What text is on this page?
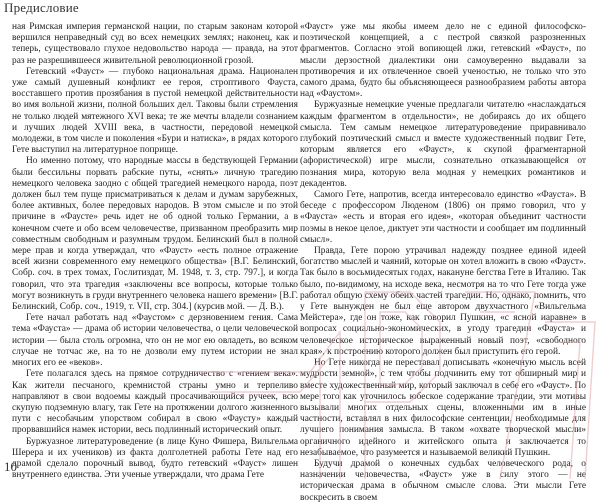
Предисловие

ная Римская империя германской нации, по старым законам которой вершился неправедный суд во всех немецких землях; наконец, как и теперь, существовало глухое недовольство народа — правда, на этот раз не разрешившееся живительной революционной грозой.

Гетевский «Фауст» — глубоко национальная драма. Национален уже самый душевный конфликт ее героя, строптивого Фауста, восставшего против прозябания в пустой немецкой действительности во имя вольной жизни, полной больших дел. Таковы были стремления не только людей мятежного XVI века; те же мечты владели сознанием и лучших людей XVIII века, в частности, передовой немецкой молодежи, в том числе и поколения «Бури и натиска», в рядах которого Гете выступил на литературное поприще.

Но именно потому, что народные массы в бедствующей Германии были бессильны порвать рабские путы, «снять» личную трагедию немецкого человека заодно с общей трагедией немецкого народа, поэт должен был тем пуще присматриваться к делам и думам зарубежных, более активных, более передовых народов. В этом смысле и по этой причине в «Фаусте» речь идет не об одной только Германии, а в конечном счете и обо всем человечестве, призванном преобразить мир совместным свободным и разумным трудом. Белинский был в полной мере прав и когда утверждал, что «Фауст» «есть полное отражение всей жизни современного ему немецкого общества» [В.Г. Белинский, Собр. соч. в трех томах, Гослитиздат, М. 1948, т. 3, стр. 797.], и когда говорил, что эта трагедия «заключены все вопросы, которые только могут возникнуть в груди внутреннего человека нашего времени» [В.Г. Белинский, Собр. соч., 1919, т. VII, стр. 304.] (курсив мой. — Д. В.).

Гете начал работать над «Фаустом» с дерзновением гения. Сама тема «Фауста» — драма об истории человечества, о цели человеческой истории — была столь огромна, что он не мог ею овладеть, во всяком случае не тотчас же, на то не дозволи ему путем истории не знал многих его ее «веков».

Гете полагался здесь на прямое сотрудничество с «гением века». Как жители песчаного, кремнистой страны умно и терпеливо направляют в свои водоемы каждый просачивающийся ручеек, всю скупую подземную влагу, так Гете на протяжении долгого жизненного пути с несобачьим упорством собирал в свою «Фаусту» каждый прорвавшийся намек истории, весь подлинный исторический опыт.

Буржуазное литературоведение (в лице Куно Фишера, Вильгельма Шерера и их учеников) из факта долголетней работы Гете над его драмой сделало порочный вывод, будто гетевский «Фауст» лишен внутреннего единства. Эти ученые утверждали, что драма Гете

«Фауст» уже мы якобы имеем дело не с единой философско-поэтической концепцией, а с пестрой связкой разрозненных фрагментов. Согласно этой вопиющей лжи, гетевский «Фауст», по мысли дерзостной диалектики они самоуверенно выдавали за противоречия и их отвлеченное своей ученостью, не только что это самого драма, будто бы объясняющееся разнообразием работы автора над «Фаустом».

Буржуазные немецкие ученые предлагали читателю «наслаждаться каждым фрагментом в отдельности», не добираясь до их общего смысла. Тем самым немецкое литературоведение приравнивало глубокий поэтический смысл и вместе художественный подвиг Гете, которым является его «Фауст», к скупой фрагментарной (афористической) игре мысли, сознательно отказывающейся от познания мира, которую вела модная у немецких романтиков и декадентов.

Самого Гете, напротив, всегда интересовало единство «Фауста». В беседе с профессором Люденом (1806) он прямо говорил, что у «Фауста» «есть и вторая его идея», «которая объединит частности поэмы в некое целое, диктует эти частности и сообщает им подлинный смысл».

Правда, Гете порою утрачивал надежду позднее единой идеей богатство мыслей и чаяний, которые он хотел вложить в свою «Фауст». Так было в восьмидесятых годах, накануне бегства Гете в Италию. Так было, по-видимому, на исходе века, несмотря на то что Гете тогда уже работал общую схему обеих частей трагедии. Но, однако, помнить, что у Гете вынужден не был еще автором двухчастного «Вильгельма Мейстера», где он тоже, как говорил Пушкин, «с ясной иаравне» в вопросах социально-экономических, в угоду трагедии «Фауста» и человеческое историческое выраженный новый поэт, «свободного края», к построению которого должен был приступить его герой.

Но Гете никогда не переставал дописывать «конечную мысль всей мудрости земной», с тем чтобы подчинить ему тот обширный мир и вместе художественный мир, который заключал в себе его «Фауст». По мере того как уточнилось юбеское содержание трагедии, эти мотивы вызывали многих отдельных сцены, вложенными им в иные частности, вставлял в них философские сентенции, необходимые для лучшего понимания замысла. В таком «охвате творческой мысли» органичного идейного и житейского опыта и заключается то незабываемое, что разумеется и называемой великий Пушкин.

Будучи драмой о конечных судьбах человеческого рода, о назначении человечества, «Фауст» уже в силу этого — не историческая драма в обычном смысле слова. Эти мысли Гете воскресить в своем

10
